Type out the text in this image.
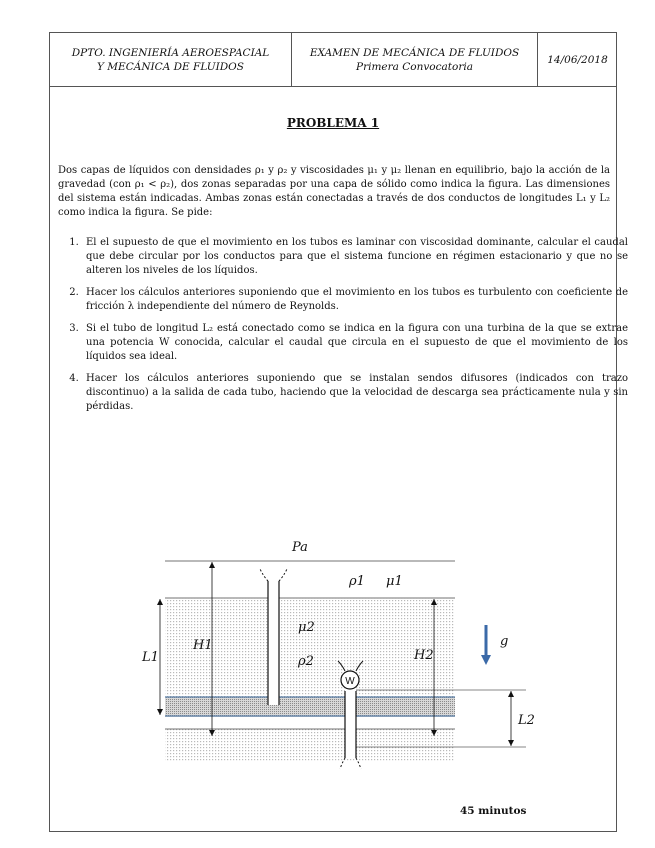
DPTO. INGENIERÍA AEROESPACIAL
Y MECÁNICA DE FLUIDOS
EXAMEN DE MECÁNICA DE FLUIDOS
Primera Convocatoria
14/06/2018
PROBLEMA 1
Dos capas de líquidos con densidades ρ₁ y ρ₂ y viscosidades μ₁ y μ₂ llenan en equilibrio, bajo la acción de la gravedad (con ρ₁ < ρ₂), dos zonas separadas por una capa de sólido como indica la figura. Las dimensiones del sistema están indicadas. Ambas zonas están conectadas a través de dos conductos de longitudes L₁ y L₂ como indica la figura. Se pide:
1. El el supuesto de que el movimiento en los tubos es laminar con viscosidad dominante, calcular el caudal que debe circular por los conductos para que el sistema funcione en régimen estacionario y que no se alteren los niveles de los líquidos.
2. Hacer los cálculos anteriores suponiendo que el movimiento en los tubos es turbulento con coeficiente de fricción λ independiente del número de Reynolds.
3. Si el tubo de longitud L₂ está conectado como se indica en la figura con una turbina de la que se extrae una potencia W conocida, calcular el caudal que circula en el supuesto de que el movimiento de los líquidos sea ideal.
4. Hacer los cálculos anteriores suponiendo que se instalan sendos difusores (indicados con trazo discontinuo) a la salida de cada tubo, haciendo que la velocidad de descarga sea prácticamente nula y sin pérdidas.
W
L1
H1
H2
L2
g
Pa
ρ1 μ1
μ2
ρ2
45 minutos
